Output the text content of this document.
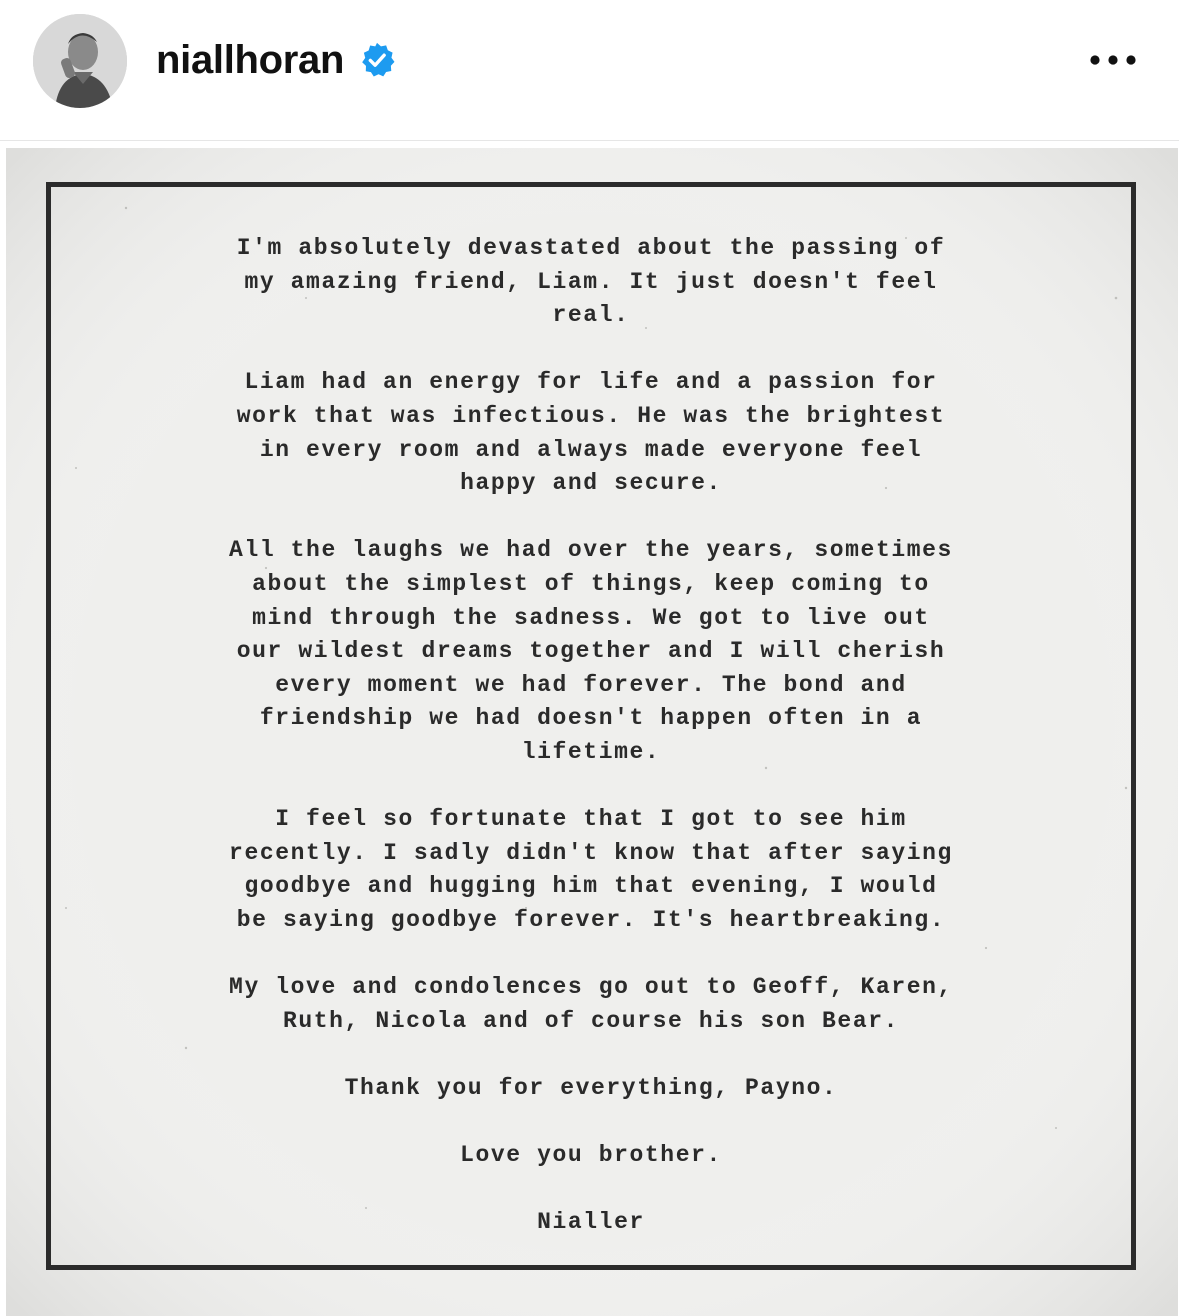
niallhoran

I'm absolutely devastated about the passing of
my amazing friend, Liam. It just doesn't feel
real.

Liam had an energy for life and a passion for
work that was infectious. He was the brightest
in every room and always made everyone feel
happy and secure.

All the laughs we had over the years, sometimes
about the simplest of things, keep coming to
mind through the sadness. We got to live out
our wildest dreams together and I will cherish
every moment we had forever. The bond and
friendship we had doesn't happen often in a
lifetime.

I feel so fortunate that I got to see him
recently. I sadly didn't know that after saying
goodbye and hugging him that evening, I would
be saying goodbye forever. It's heartbreaking.

My love and condolences go out to Geoff, Karen,
Ruth, Nicola and of course his son Bear.

Thank you for everything, Payno.

Love you brother.

Nialler
